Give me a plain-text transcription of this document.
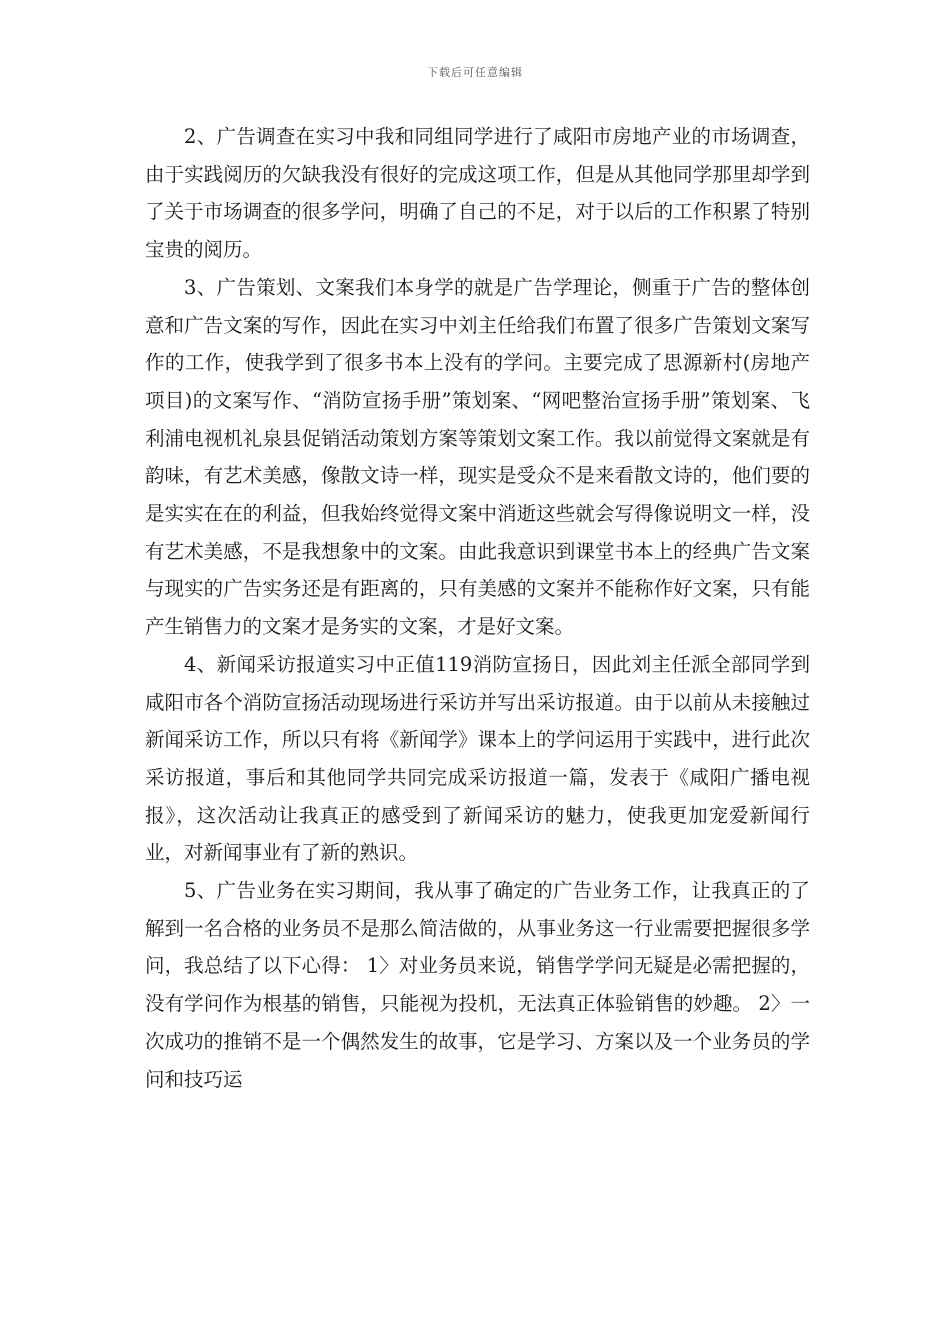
下载后可任意编辑

2、广告调查在实习中我和同组同学进行了咸阳市房地产业的市场调查，由于实践阅历的欠缺我没有很好的完成这项工作，但是从其他同学那里却学到了关于市场调查的很多学问，明确了自己的不足，对于以后的工作积累了特别宝贵的阅历。

3、广告策划、文案我们本身学的就是广告学理论，侧重于广告的整体创意和广告文案的写作，因此在实习中刘主任给我们布置了很多广告策划文案写作的工作，使我学到了很多书本上没有的学问。主要完成了思源新村(房地产项目)的文案写作、“消防宣扬手册”策划案、“网吧整治宣扬手册”策划案、飞利浦电视机礼泉县促销活动策划方案等策划文案工作。我以前觉得文案就是有韵味，有艺术美感，像散文诗一样，现实是受众不是来看散文诗的，他们要的是实实在在的利益，但我始终觉得文案中消逝这些就会写得像说明文一样，没有艺术美感，不是我想象中的文案。由此我意识到课堂书本上的经典广告文案与现实的广告实务还是有距离的，只有美感的文案并不能称作好文案，只有能产生销售力的文案才是务实的文案，才是好文案。

4、新闻采访报道实习中正值119消防宣扬日，因此刘主任派全部同学到咸阳市各个消防宣扬活动现场进行采访并写出采访报道。由于以前从未接触过新闻采访工作，所以只有将《新闻学》课本上的学问运用于实践中，进行此次采访报道，事后和其他同学共同完成采访报道一篇，发表于《咸阳广播电视报》，这次活动让我真正的感受到了新闻采访的魅力，使我更加宠爱新闻行业，对新闻事业有了新的熟识。

5、广告业务在实习期间，我从事了确定的广告业务工作，让我真正的了解到一名合格的业务员不是那么简洁做的，从事业务这一行业需要把握很多学问，我总结了以下心得： 1〉对业务员来说，销售学学问无疑是必需把握的，没有学问作为根基的销售，只能视为投机，无法真正体验销售的妙趣。 2〉一次成功的推销不是一个偶然发生的故事，它是学习、方案以及一个业务员的学问和技巧运
